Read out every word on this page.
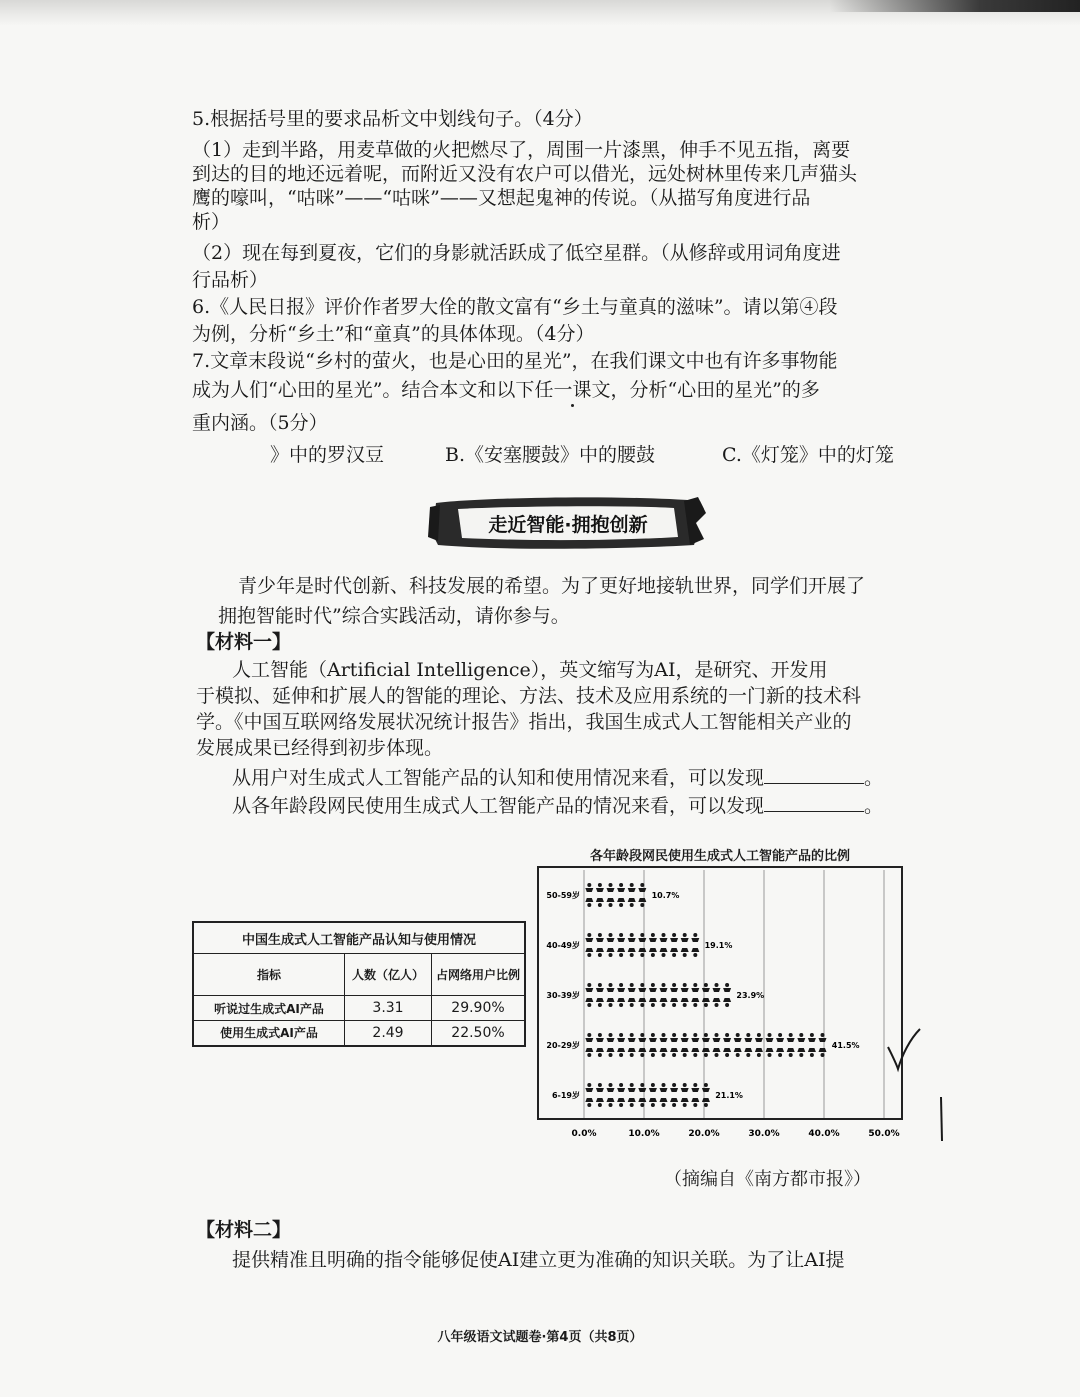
5.根据括号里的要求品析文中划线句子。（4分）
（1）走到半路，用麦草做的火把燃尽了，周围一片漆黑，伸手不见五指，离要
到达的目的地还远着呢，而附近又没有农户可以借光，远处树林里传来几声猫头
鹰的嚎叫，“咕咪”——“咕咪”——又想起鬼神的传说。（从描写角度进行品
析）
（2）现在每到夏夜，它们的身影就活跃成了低空星群。（从修辞或用词角度进
行品析）
6.《人民日报》评价作者罗大佺的散文富有“乡土与童真的滋味”。请以第④段
为例，分析“乡土”和“童真”的具体体现。（4分）
7.文章末段说“乡村的萤火，也是心田的星光”，在我们课文中也有许多事物能
成为人们“心田的星光”。结合本文和以下任一课文，分析“心田的星光”的多
重内涵。（5分）
》中的罗汉豆	B.《安塞腰鼓》中的腰鼓	C.《灯笼》中的灯笼
走近智能·拥抱创新
青少年是时代创新、科技发展的希望。为了更好地接轨世界，同学们开展了
拥抱智能时代”综合实践活动，请你参与。
【材料一】
人工智能（Artificial Intelligence），英文缩写为AI，是研究、开发用
于模拟、延伸和扩展人的智能的理论、方法、技术及应用系统的一门新的技术科
学。《中国互联网络发展状况统计报告》指出，我国生成式人工智能相关产业的
发展成果已经得到初步体现。
从用户对生成式人工智能产品的认知和使用情况来看，可以发现	。
从各年龄段网民使用生成式人工智能产品的情况来看，可以发现	。
中国生成式人工智能产品认知与使用情况		
指标	人数（亿人）	占网络用户比例
听说过生成式AI产品	3.31	29.90%
使用生成式AI产品	2.49	22.50%
各年龄段网民使用生成式人工智能产品的比例
0.0%	10.0%	20.0%	30.0%	40.0%	50.0%
50-59岁	10.7%
40-49岁	19.1%
30-39岁	23.9%
20-29岁	41.5%
6-19岁	21.1%
（摘编自《南方都市报》）
【材料二】
提供精准且明确的指令能够促使AI建立更为准确的知识关联。为了让AI提
八年级语文试题卷·第4页（共8页）
